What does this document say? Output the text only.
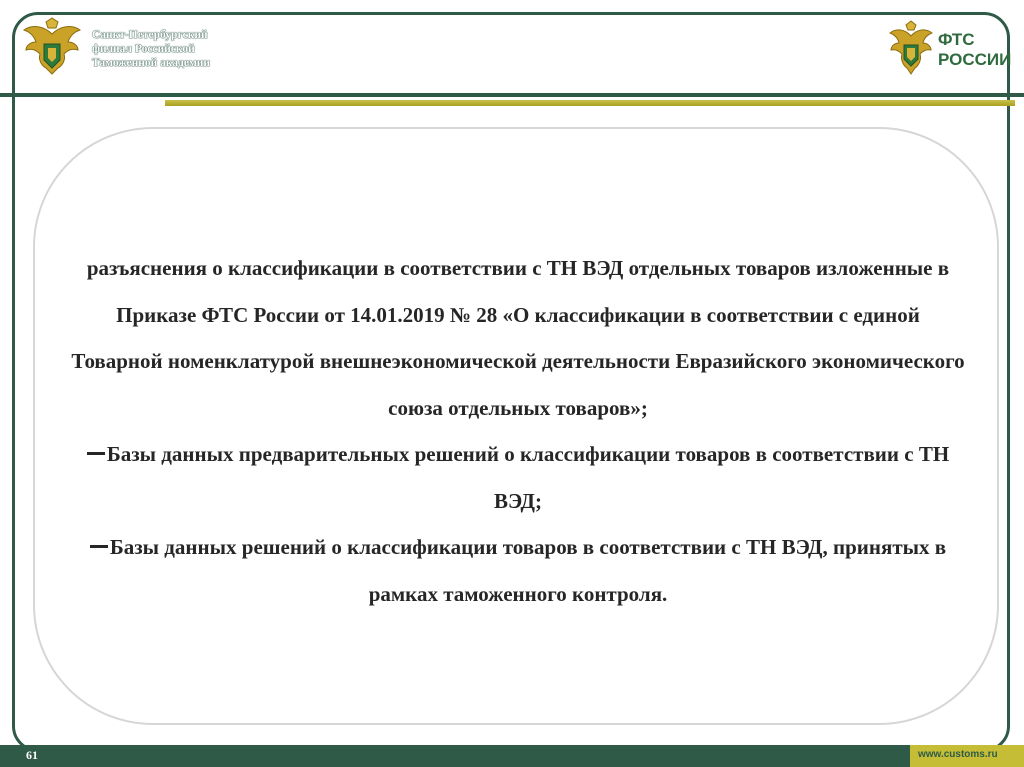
Санкт-Петербургский
филиал Российской
Таможенной академии
ФТС
РОССИИ

разъяснения о классификации в соответствии с ТН ВЭД отдельных товаров изложенные в Приказе ФТС России от 14.01.2019 № 28 «О классификации в соответствии с единой Товарной номенклатурой внешнеэкономической деятельности Евразийского экономического союза отдельных товаров»;

Базы данных предварительных решений о классификации товаров в соответствии с ТН ВЭД;

Базы данных решений о классификации товаров в соответствии с ТН ВЭД, принятых в рамках таможенного контроля.

61	www.customs.ru
